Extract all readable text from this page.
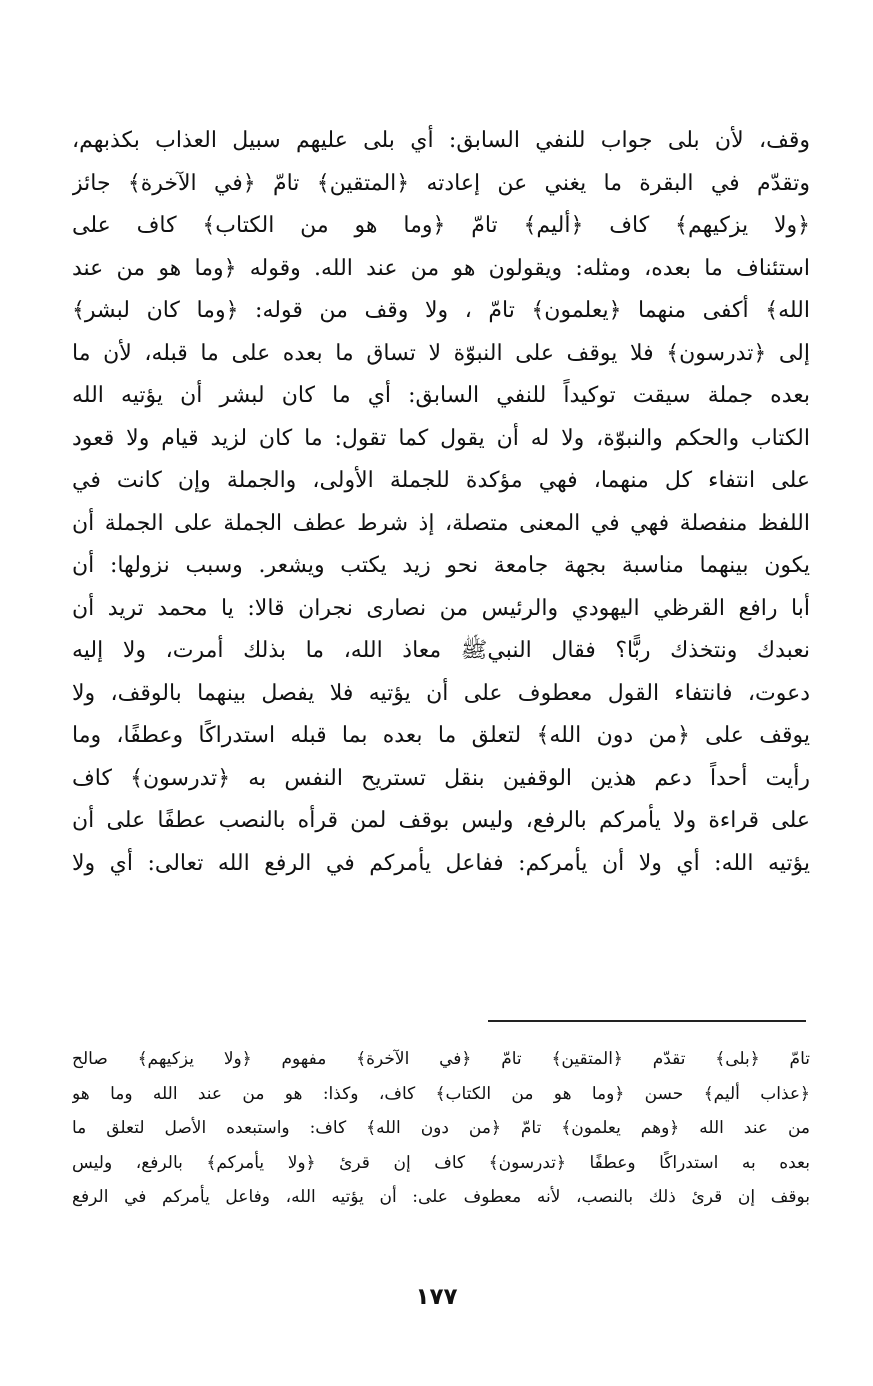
وقف، لأن بلى جواب للنفي السابق: أي بلى عليهم سبيل العذاب بكذبهم،
وتقدّم في البقرة ما يغني عن إعادته ﴿المتقين﴾ تامّ ﴿في الآخرة﴾ جائز
﴿ولا يزكيهم﴾ كاف ﴿أليم﴾ تامّ ﴿وما هو من الكتاب﴾ كاف على
استئناف ما بعده، ومثله: ويقولون هو من عند الله. وقوله ﴿وما هو من عند
الله﴾ أكفى منهما ﴿يعلمون﴾ تامّ ، ولا وقف من قوله: ﴿وما كان لبشر﴾
إلى ﴿تدرسون﴾ فلا يوقف على النبوّة لا تساق ما بعده على ما قبله، لأن ما
بعده جملة سيقت توكيداً للنفي السابق: أي ما كان لبشر أن يؤتيه الله
الكتاب والحكم والنبوّة، ولا له أن يقول كما تقول: ما كان لزيد قيام ولا قعود
على انتفاء كل منهما، فهي مؤكدة للجملة الأولى، والجملة وإن كانت في
اللفظ منفصلة فهي في المعنى متصلة، إذ شرط عطف الجملة على الجملة أن
يكون بينهما مناسبة بجهة جامعة نحو زيد يكتب ويشعر. وسبب نزولها: أن
أبا رافع القرظي اليهودي والرئيس من نصارى نجران قالا: يا محمد تريد أن
نعبدك ونتخذك ربًّا؟ فقال النبيﷺ معاذ الله، ما بذلك أمرت، ولا إليه
دعوت، فانتفاء القول معطوف على أن يؤتيه فلا يفصل بينهما بالوقف، ولا
يوقف على ﴿من دون الله﴾ لتعلق ما بعده بما قبله استدراكًا وعطفًا، وما
رأيت أحداً دعم هذين الوقفين بنقل تستريح النفس به ﴿تدرسون﴾ كاف
على قراءة ولا يأمركم بالرفع، وليس بوقف لمن قرأه بالنصب عطفًا على أن
يؤتيه الله: أي ولا أن يأمركم: ففاعل يأمركم في الرفع الله تعالى: أي ولا
تامّ ﴿بلى﴾ تقدّم ﴿المتقين﴾ تامّ ﴿في الآخرة﴾ مفهوم ﴿ولا يزكيهم﴾ صالح
﴿عذاب أليم﴾ حسن ﴿وما هو من الكتاب﴾ كاف، وكذا: هو من عند الله وما هو
من عند الله ﴿وهم يعلمون﴾ تامّ ﴿من دون الله﴾ كاف: واستبعده الأصل لتعلق ما
بعده به استدراكًا وعطفًا ﴿تدرسون﴾ كاف إن قرئ ﴿ولا يأمركم﴾ بالرفع، وليس
بوقف إن قرئ ذلك بالنصب، لأنه معطوف على: أن يؤتيه الله، وفاعل يأمركم في الرفع
١٧٧
